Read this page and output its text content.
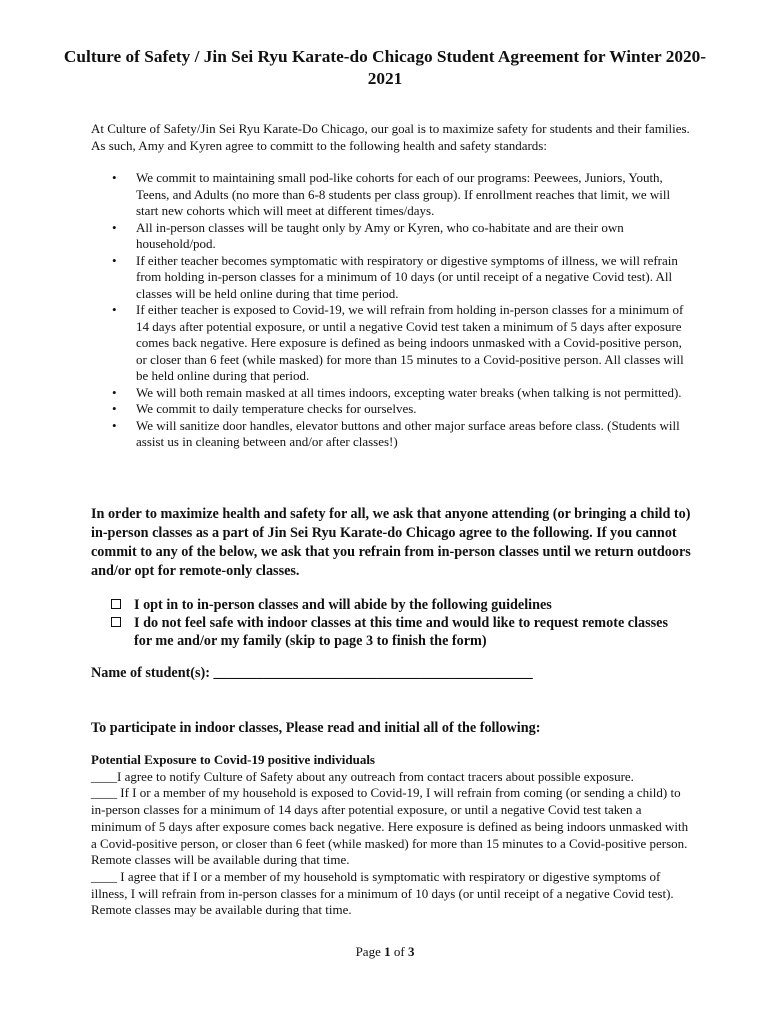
Culture of Safety / Jin Sei Ryu Karate-do Chicago Student Agreement for Winter 2020-2021
At Culture of Safety/Jin Sei Ryu Karate-Do Chicago, our goal is to maximize safety for students and their families. As such, Amy and Kyren agree to committ to the following health and safety standards:
• We commit to maintaining small pod-like cohorts for each of our programs: Peewees, Juniors, Youth, Teens, and Adults (no more than 6-8 students per class group). If enrollment reaches that limit, we will start new cohorts which will meet at different times/days.
• All in-person classes will be taught only by Amy or Kyren, who co-habitate and are their own household/pod.
• If either teacher becomes symptomatic with respiratory or digestive symptoms of illness, we will refrain from holding in-person classes for a minimum of 10 days (or until receipt of a negative Covid test). All classes will be held online during that time period.
• If either teacher is exposed to Covid-19, we will refrain from holding in-person classes for a minimum of 14 days after potential exposure, or until a negative Covid test taken a minimum of 5 days after exposure comes back negative. Here exposure is defined as being indoors unmasked with a Covid-positive person, or closer than 6 feet (while masked) for more than 15 minutes to a Covid-positive person. All classes will be held online during that period.
• We will both remain masked at all times indoors, excepting water breaks (when talking is not permitted).
• We commit to daily temperature checks for ourselves.
• We will sanitize door handles, elevator buttons and other major surface areas before class. (Students will assist us in cleaning between and/or after classes!)
In order to maximize health and safety for all, we ask that anyone attending (or bringing a child to) in-person classes as a part of Jin Sei Ryu Karate-do Chicago agree to the following. If you cannot commit to any of the below, we ask that you refrain from in-person classes until we return outdoors and/or opt for remote-only classes.
I opt in to in-person classes and will abide by the following guidelines
I do not feel safe with indoor classes at this time and would like to request remote classes for me and/or my family (skip to page 3 to finish the form)
Name of student(s): _____________________________________________
To participate in indoor classes, Please read and initial all of the following:

Potential Exposure to Covid-19 positive individuals

____I agree to notify Culture of Safety about any outreach from contact tracers about possible exposure.

____ If I or a member of my household is exposed to Covid-19, I will refrain from coming (or sending a child) to in-person classes for a minimum of 14 days after potential exposure, or until a negative Covid test taken a minimum of 5 days after exposure comes back negative. Here exposure is defined as being indoors unmasked with a Covid-positive person, or closer than 6 feet (while masked) for more than 15 minutes to a Covid-positive person. Remote classes will be available during that time.

____ I agree that if I or a member of my household is symptomatic with respiratory or digestive symptoms of illness, I will refrain from in-person classes for a minimum of 10 days (or until receipt of a negative Covid test). Remote classes may be available during that time.

Page 1 of 3
